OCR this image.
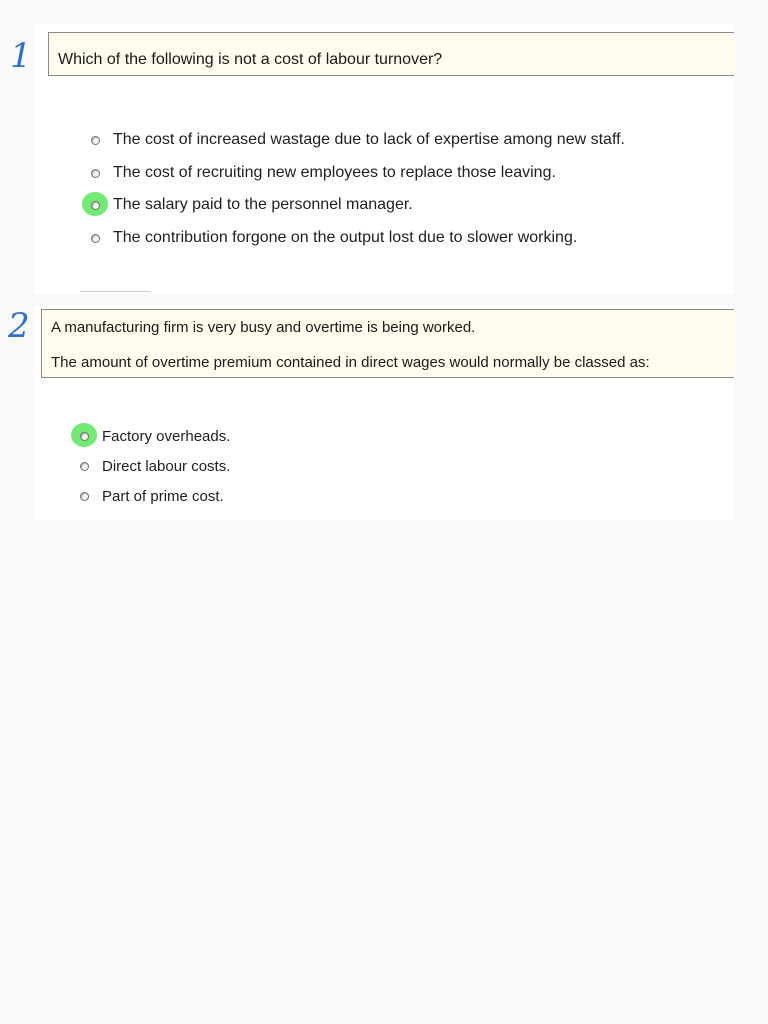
1
2
Which of the following is not a cost of labour turnover?
The cost of increased wastage due to lack of expertise among new staff.
The cost of recruiting new employees to replace those leaving.
The salary paid to the personnel manager.
The contribution forgone on the output lost due to slower working.
A manufacturing firm is very busy and overtime is being worked.
The amount of overtime premium contained in direct wages would normally be classed as:
Factory overheads.
Direct labour costs.
Part of prime cost.
